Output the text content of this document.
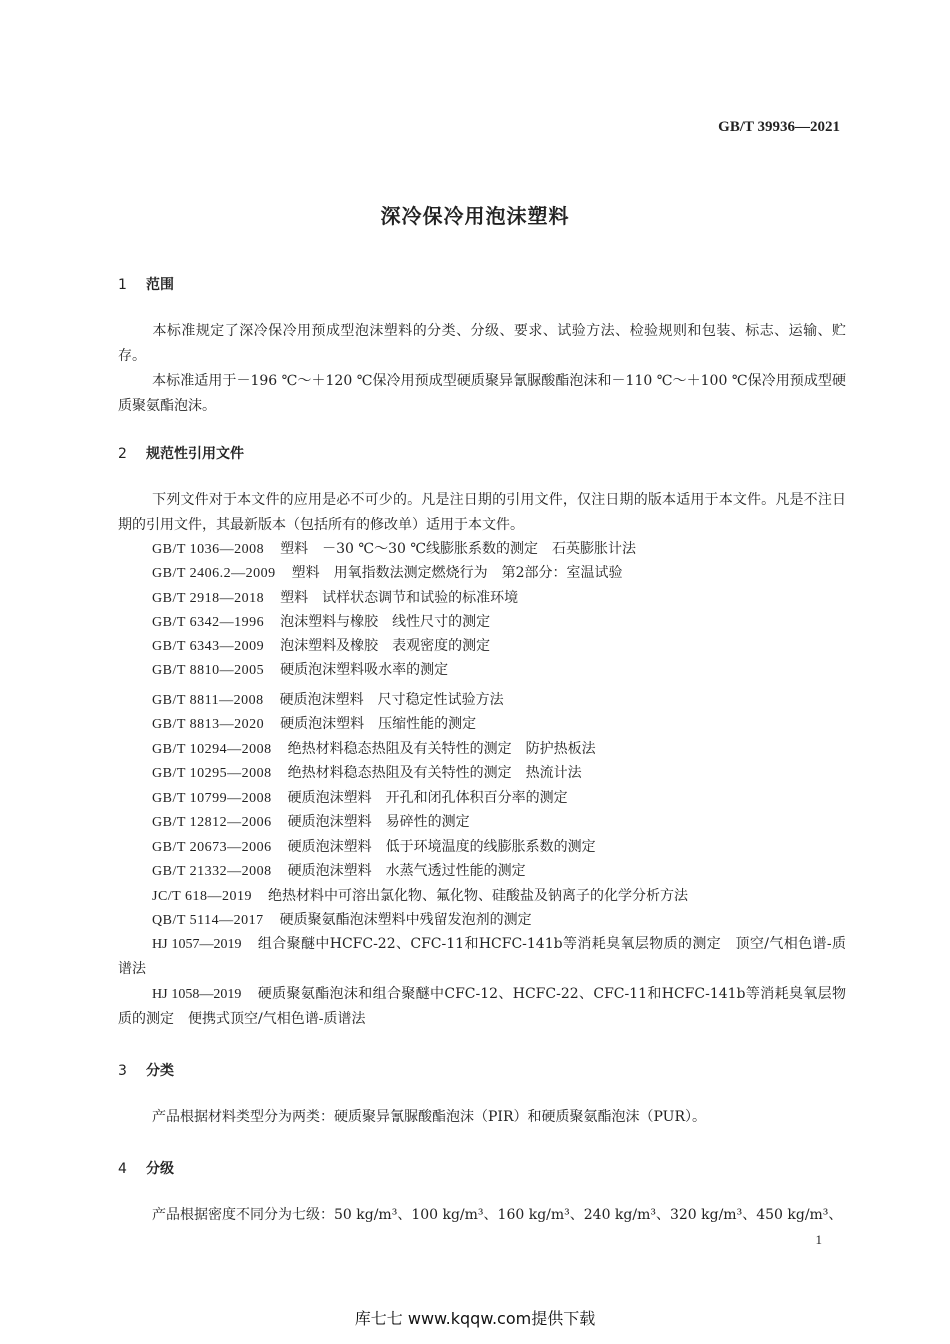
GB/T 39936—2021
深冷保冷用泡沫塑料
1 范围
本标准规定了深冷保冷用预成型泡沫塑料的分类、分级、要求、试验方法、检验规则和包装、标志、运输、贮存。
本标准适用于－196 ℃～＋120 ℃保冷用预成型硬质聚异氰脲酸酯泡沫和－110 ℃～＋100 ℃保冷用预成型硬质聚氨酯泡沫。
2 规范性引用文件
下列文件对于本文件的应用是必不可少的。凡是注日期的引用文件，仅注日期的版本适用于本文件。凡是不注日期的引用文件，其最新版本（包括所有的修改单）适用于本文件。
GB/T 1036—2008 塑料　－30 ℃～30 ℃线膨胀系数的测定　石英膨胀计法
GB/T 2406.2—2009 塑料　用氧指数法测定燃烧行为　第2部分：室温试验
GB/T 2918—2018 塑料　试样状态调节和试验的标准环境
GB/T 6342—1996 泡沫塑料与橡胶　线性尺寸的测定
GB/T 6343—2009 泡沫塑料及橡胶　表观密度的测定
GB/T 8810—2005 硬质泡沫塑料吸水率的测定
GB/T 8811—2008 硬质泡沫塑料　尺寸稳定性试验方法
GB/T 8813—2020 硬质泡沫塑料　压缩性能的测定
GB/T 10294—2008 绝热材料稳态热阻及有关特性的测定　防护热板法
GB/T 10295—2008 绝热材料稳态热阻及有关特性的测定　热流计法
GB/T 10799—2008 硬质泡沫塑料　开孔和闭孔体积百分率的测定
GB/T 12812—2006 硬质泡沫塑料　易碎性的测定
GB/T 20673—2006 硬质泡沫塑料　低于环境温度的线膨胀系数的测定
GB/T 21332—2008 硬质泡沫塑料　水蒸气透过性能的测定
JC/T 618—2019 绝热材料中可溶出氯化物、氟化物、硅酸盐及钠离子的化学分析方法
QB/T 5114—2017 硬质聚氨酯泡沫塑料中残留发泡剂的测定
HJ 1057—2019 组合聚醚中HCFC-22、CFC-11和HCFC-141b等消耗臭氧层物质的测定　顶空/气相色谱-质谱法
HJ 1058—2019 硬质聚氨酯泡沫和组合聚醚中CFC-12、HCFC-22、CFC-11和HCFC-141b等消耗臭氧层物质的测定　便携式顶空/气相色谱-质谱法
3 分类
产品根据材料类型分为两类：硬质聚异氰脲酸酯泡沫（PIR）和硬质聚氨酯泡沫（PUR）。
4 分级
产品根据密度不同分为七级：50 kg/m³、100 kg/m³、160 kg/m³、240 kg/m³、320 kg/m³、450 kg/m³、
1
库七七 www.kqqw.com提供下载
